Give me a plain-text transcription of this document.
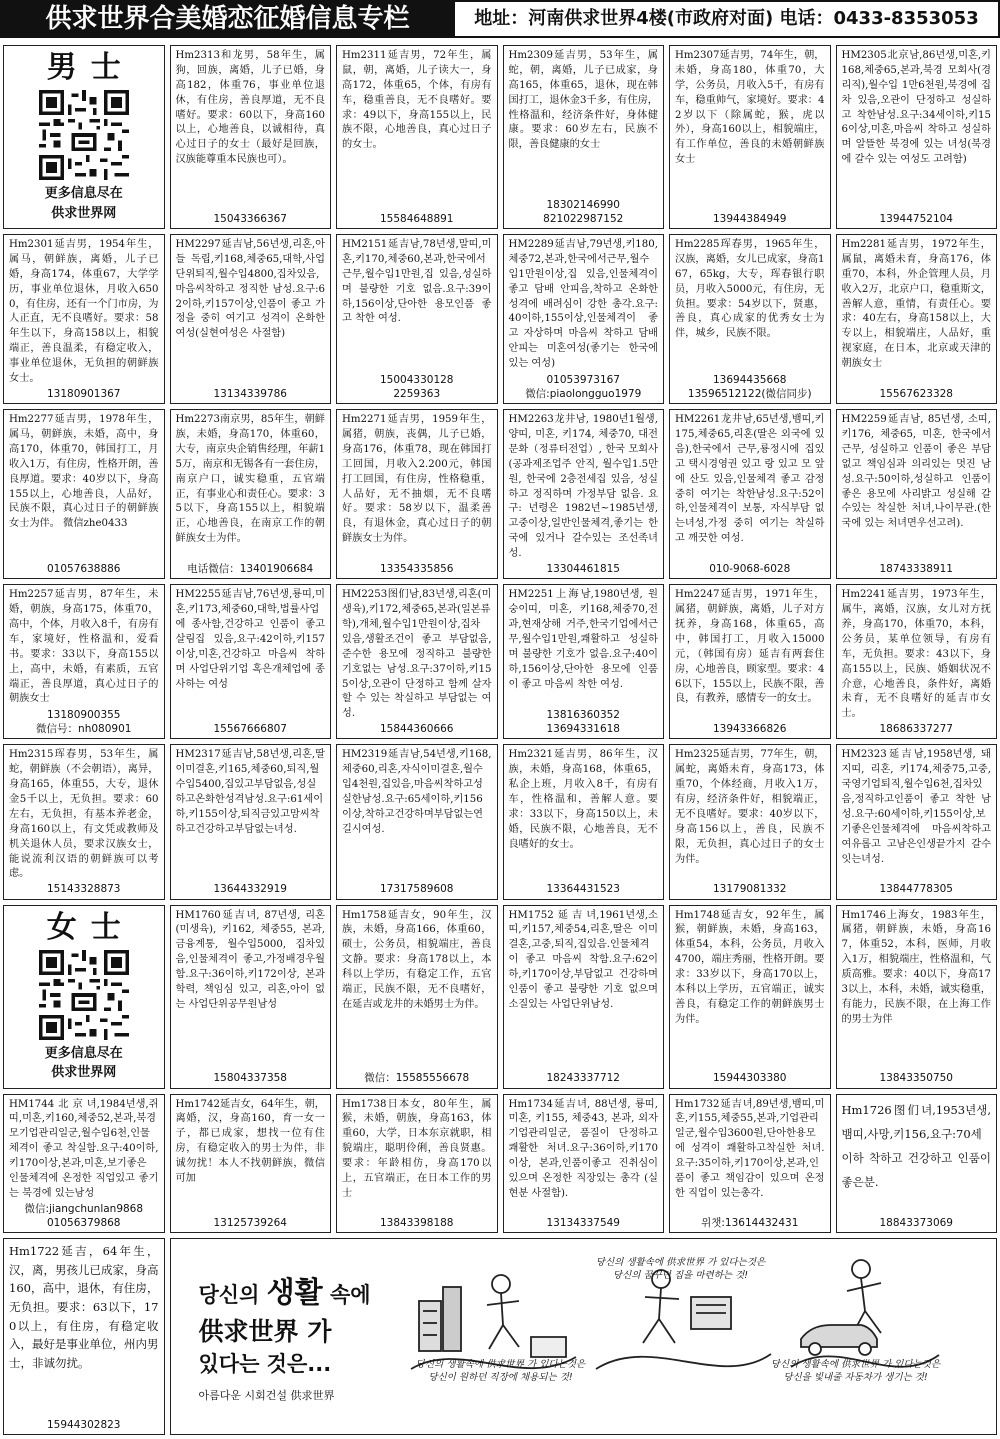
供求世界合美婚恋征婚信息专栏	地址：河南供求世界4楼(市政府对面) 电话：0433-8353053
男士
更多信息尽在
供求世界网
Hm2313和龙男，58年生，属狗，回族，离婚，儿子已婚，身高182，体重76，事业单位退休，有住房，善良厚道，无不良嗜好。要求：60以下，身高160以上，心地善良，以诚相待，真心过日子的女士（最好是回族，汉族能尊重本民族也可）。
15043366367
Hm2311延吉男，72年生，属鼠，朝，离婚，儿子读大一，身高172，体重65，个体，有房有车，稳重善良，无不良嗜好。要求：49以下，身高155以上，民族不限，心地善良，真心过日子的女士。
15584648891
Hm2309延吉男，53年生，属蛇，朝，离婚，儿子已成家，身高165，体重65，退休，现在韩国打工，退休金3千多，有住房，性格温和，经济条件好，身体健康。要求：60岁左右，民族不限，善良健康的女士
18302146990
821022987152
Hm2307延吉男，74年生，朝，未婚，身高180，体重70，大学，公务员，月收入5千，有房有车，稳重帅气，家境好。要求：42岁以下（除属蛇，猴，虎以外），身高160以上，相貌端庄，有工作单位，善良的未婚朝鲜族女士
13944384949
HM2305北京남,86년생,미혼,키168,체중65,본과,북경 모회사(경리직),월수입 1만6천원,북경에 집차 있음,오관이 단정하고 성실하고 착한남성.요구:34세이하,키156이상,미혼,마음씨 착하고 성실하며 알뜰한 북경에 있는 녀성(북경에 갈수 있는 여성도 고려함)
13944752104
Hm2301延吉男，1954年生，属马，朝鲜族，离婚，儿子已婚，身高174，体重67，大学学历，事业单位退休，月收入6500，有住房，还有一个门市房，为人正直，无不良嗜好。要求：58年生以下，身高158以上，相貌端正，善良温柔，有稳定收入，事业单位退休，无负担的朝鲜族女士。
13180901367
HM2297延吉남,56년생,리혼,아들 독립,키168,체중65,대학,사업단위퇴직,월수입4800,집차있음,마음씨착하고 정직한 남성.요구:62이하,키157이상,인품이 좋고 가정을 중히 여기고 성격이 온화한 여성(실현여성은 사절함)
13134339786
HM2151延吉남,78년생,말띠,미혼,키170,체중60,본과,한국에서 근무,월수입1만원,집 있음,성실하며 불량한 기호 없음.요구:39이하,156이상,단아한 용모인품 좋고 착한 여성.
15004330128
2259363
HM2289延吉남,79년생,키180,체중72,본과,한국에서근무,월수입1만원이상,집 있음,인물체격이 좋고 담배 안피음,착하고 온화한 성격에 배려심이 강한 총각.요구:40이하,155이상,인물체격이 좋고 자상하며 마음씨 착하고 담배 안피는 미혼여성(좋기는 한국에 있는 여성)
01053973167
微信:piaolongguo1979
Hm2285珲春男，1965年生，汉族，离婚，女儿已成家，身高167，65kg，大专，珲春银行职员，月收入5000元，有住房，无负担。要求：54岁以下，贤惠，善良，真心成家的优秀女士为伴，城乡，民族不限。
13694435668
13596512122(微信同步)
Hm2281延吉男，1972年生，属鼠，离婚未育，身高176，体重70，本科，外企管理人员，月收入2万，北京户口，稳重斯文，善解人意，重情，有责任心。要求：40左右，身高158以上，大专以上，相貌端庄，人品好，重视家庭，在日本，北京或天津的朝族女士
15567623328
Hm2277延吉男，1978年生，属马，朝鲜族，未婚，高中，身高170，体重70，韩国打工，月收入1万，有住房，性格开朗，善良厚道。要求：40岁以下，身高155以上，心地善良，人品好，民族不限，真心过日子的朝鲜族女士为伴。 微信zhe0433
01057638886
Hm2273南京男，85年生，朝鲜族，未婚，身高170，体重60，大专，南京央企销售经理，年薪15万，南京和无锡各有一套住房，南京户口，诚实稳重，五官端正，有事业心和责任心。要求：35以下，身高155以上，相貌端正，心地善良，在南京工作的朝鲜族女士为伴。
电话微信：13401906684
Hm2271延吉男，1959年生，属猪，朝族，丧偶，儿子已婚，身高176，体重78，现在韩国打工回国，月收入2.200元，韩国打工回国，有住房，性格稳重，人品好，无不抽烟，无不良嗜好。要求：58岁以下，温柔善良，有退休金，真心过日子的朝鲜族女士为伴。
13354335856
HM2263龙井남, 1980년1월생, 양띠, 미혼, 키174, 체중70, 대전문화（정류터전업）, 한국 모회사(공과제조업주 안직, 월수입1.5만원, 한국에 2층전세집 있음, 성실하고 정직하며 가정부담 없음. 요구: 년령은 1982년~1985년생,고중이상,일반인물체격,좋기는 한국에 있거나 갈수있는 조선족녀성.
13304461815
HM2261龙井남,65년생,뱀띠,키175,체중65,리혼(딸은 외국에 있음),한국에서 근무,룡정시에 집있고 택시경영권 있고 랑 있고 모 앞에 산도 있음,인물체격 좋고 감정 중히 여기는 착한남성.요구:52이하,인물체격이 보통, 자식부담 없는녀성,가정 중히 여기는 착실하고 깨끗한 여성.
010-9068-6028
HM2259延吉남, 85년생, 소띠, 키176, 체중65, 미혼, 한국에서 근무, 성실하고 인품이 좋은 부담없고 책임심과 의리있는 멋진 남성.요구:50이하,성실하고 인품이 좋은 용모에 사리밝고 성실해 갈수있는 착실한 처녀,나이무관.(한국에 있는 처녀면우선고려).
18743338911
Hm2257延吉男，87年生，未婚，朝族，身高175，体重70，高中，个体，月收入8千，有房有车，家境好，性格温和，爱看书。要求：33以下，身高155以上，高中，未婚，有素质，五官端正，善良厚道，真心过日子的朝族女士
13180900355
微信号：nh080901
HM2255延吉남,76년생,룡띠,미혼,키173,체중60,대학,법률사업에 종사함,건강하고 인품이 좋고 살림집 있음,요구:42이하,키157이상,미혼,건강하고 마음씨 착하며 사업단위기업 혹은개체업에 종사하는 여성
15567666807
HM2253图们남,83년생,리혼(미생육),키172,체중65,본과(일본류학),개체,월수입1만원이상,집차 있음,생활조건이 좋고 부담없음,준수한 용모에 정직하고 불량한 기호없는 남성.요구:37이하,키155이상,오관이 단정하고 함께 살자할 수 있는 착실하고 부담없는 여성.
15844360666
HM2251上海남,1980년생, 원숭이띠, 미혼, 키168,체중70,전과,현재상해 거주,한국기업에서근무,월수입1만원,쾌활하고 성실하며 불량한 기호가 없음.요구:40이하,156이상,단아한 용모에 인품이 좋고 마음씨 착한 여성.
13816360352
13694331618
Hm2247延吉男，1971年生，属猪，朝鲜族，离婚，儿子对方抚养，身高168，体重65，高中，韩国打工，月收入15000元，（韩国有房）延吉有两套住房，心地善良，顾家型。要求：46以下，155以上，民族不限，善良，有教养，感情专一的女士。
13943366826
Hm2241延吉男，1973年生，属牛，离婚，汉族，女儿对方抚养，身高170，体重70，本科，公务员，某单位领导，有房有车，无负担。要求：43以下，身高155以上，民族、婚姻状况不介意，心地善良，条件好，离婚未育，无不良嗜好的延吉市女士。
18686337277
Hm2315珲春男，53年生，属蛇，朝鲜族（不会朝语），离异，身高165，体重55，大专，退休金5千以上，无负担。要求：60左右，无负担，有基本养老金，身高160以上，有文凭或教师及机关退休人员，要求汉族女士，能说流利汉语的朝鲜族可以考虑。
15143328873
HM2317延吉남,58년생,리혼,딸이미결혼,키165,체중60,퇴직,월수입5400,집있고부담없음,성실하고온화한성격남성.요구:61세이하,키155이상,퇴직금있고맘씨착하고건강하고부담없는녀성.
13644332919
HM2319延吉남,54년생,키168,체중60,리혼,자식이미결혼,월수입4천원,집있음,마음씨착하고성실한남성.요구:65세이하,키156이상,착하고건강하며부담없는연길시여성.
17317589608
Hm2321延吉男，86年生，汉族，未婚，身高168，体重65，私企上班，月收入8千，有房有车，性格温和，善解人意。要求：33以下，身高150以上，未婚，民族不限，心地善良，无不良嗜好的女士。
13364431523
Hm2325延吉男，77年生，朝，属蛇，离婚未育，身高173，体重70，个体经商，月收入1万，有房，经济条件好，相貌端正，无不良嗜好。要求：40岁以下，身高156以上，善良，民族不限，无负担，真心过日子的女士为伴。
13179081332
HM2323延吉남,1958년생, 돼지띠, 리혼, 키174,체중75,고중,국영기업퇴직,월수입6천,집차있음,정직하고인품이 좋고 착한 남성.요구:60세이하,키155이상,보기좋은인물체격에 마음씨착하고여유롭고 고남은인생끝가지 갈수 잇는녀성.
13844778305
女士
更多信息尽在
供求世界网
HM1760延吉녀, 87년생, 리혼(미생육), 키162, 체중55, 본과, 금융계통, 월수입5000, 집차있음,인물체격이 좋고,가정배경우월함.요구:36이하,키172이상, 본과학력, 책임심 있고, 리혼,아이 없는 사업단위공무원남성
15804337358
Hm1758延吉女，90年生，汉族，未婚，身高166，体重60，硕士，公务员，相貌端庄，善良文静。要求：身高178以上，本科以上学历，有稳定工作，五官端正，民族不限，无不良嗜好，在延吉或龙井的未婚男士为伴。
微信：15585556678
HM1752延吉녀,1961년생,소띠,키157,체중54,리혼,딸은 이미 결혼,고중,퇴직,집있음.인물체격이 좋고 마음씨 착함.요구:62이하,키170이상,부담없고 건강하며 인품이 좋고 불량한 기호 없으며 소질있는 사업단위남성.
18243337712
Hm1748延吉女，92年生，属猴，朝鲜族，未婚，身高163，体重54，本科，公务员，月收入4700，端庄秀丽，性格开朗。要求：33岁以下，身高170以上，本科以上学历，五官端正，诚实善良，有稳定工作的朝鲜族男士为伴。
15944303380
Hm1746上海女，1983年生，属猪，朝鲜族，未婚，身高167，体重52，本科，医师，月收入1万，相貌端庄，性格温和，气质高雅。要求：40以下，身高173以上，本科，未婚，诚实稳重，有能力，民族不限，在上海工作的男士为伴
13843350750
HM1744北京녀,1984년생,쥐띠,미혼,키160,체중52,본과,북경 모기업관리일군,월수입6천,인물체격이 좋고 착실함.요구:40이하,키170이상,본과,미혼,보기좋은 인물체격에 온정한 직업있고 좋기는 북경에 있는남성
微信:jiangchunlan9868
01056379868
Hm1742延吉女，64年生，朝，离婚，汉，身高160，育一女一子，都已成家，想找一位有住房，有稳定收入的男士为伴，非诚勿扰！本人不找朝鲜族，微信可加
13125739264
Hm1738日本女，80年生，属猴，未婚，朝族，身高163，体重60，大学，日本东京就职，相貌端庄，聪明伶俐，善良贤惠。要求：年龄相仿，身高170以上，五官端正，在日本工作的男士
13843398188
Hm1734延吉녀, 88년생, 룡띠, 미혼, 키155, 체중43, 본과, 외자기업관리일군, 품질이 단정하고 쾌활한 처녀.요구:36이하,키170이상, 본과,인품이좋고 진취심이 있으며 온정한 직장있는 총각 (실현분 사절함).
13134337549
Hm1732延吉녀,89년생,뱀띠,미혼,키155,체중55,본과,기업관리일군,월수입3600원,단아한용모에 성격이 쾌활하고착실한 처녀.요구:35이하,키170이상,본과,인품이 좋고 책임감이 있으며 온정한 직업이 있는총각.
위챗:13614432431
Hm1726图们녀,1953년생,뱀띠,사망,키156,요구:70세이하 착하고 건강하고 인품이 좋은분.
18843373069
Hm1722延吉，64年生，汉，离，男孩儿已成家，身高160，高中，退休，有住房，无负担。要求：63以下，170以上，有住房，有稳定收入，最好是事业单位，州内男士，非诚勿扰。
15944302823
당신의 생활 속에
供求世界 가
있다는 것은...
아름다운 시회건설 供求世界
당신의 생활속에 供求世界 가 있다는것은
당신의 꿈꾸던 집을 마련하는 것!
당신의 생활속에 供求世界 가 있다는것은
당신이 원하던 직장에 채용되는 것!
당신의 생활속에 供求世界 가 있다는것은
당신을 빛내줄 자동차가 생기는 것!
